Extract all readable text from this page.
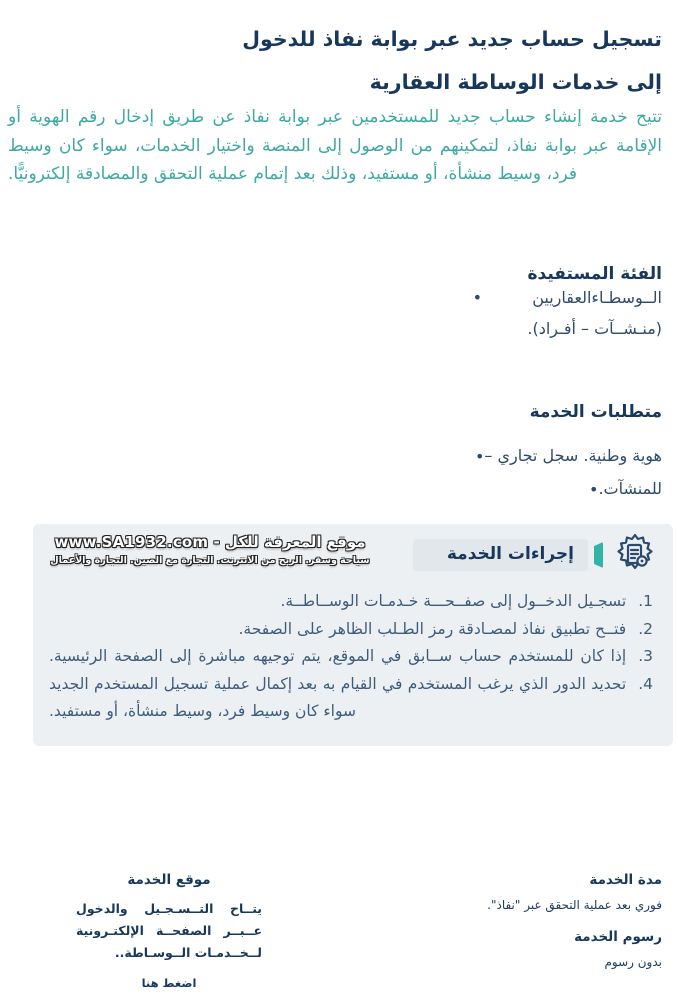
تسجيل حساب جديد عبر بوابة نفاذ للدخول إلى خدمات الوساطة العقارية

تتيح خدمة إنشاء حساب جديد للمستخدمين عبر بوابة نفاذ عن طريق إدخال رقم الهوية أو الإقامة عبر بوابة نفاذ، لتمكينهم من الوصول إلى المنصة واختيار الخدمات، سواء كان وسيط فرد، وسيط منشأة، أو مستفيد، وذلك بعد إتمام عملية التحقق والمصادقة إلكترونيًّا.

الفئة المستفيدة
الــوسطـاءالعقاريين (منـشــآت – أفـراد).
•
متطلبات الخدمة
هوية وطنية. سجل تجاري –
•
للمنشآت.
•
إجراءات الخدمة
موقع المعرفة للكل - www.SA1932.com
سياحة وسفر. الربح من الانترنت. التجارة مع الصين. التجارة والأعمال
1.تسجـيل الدخــول إلى صفــحـــة خـدمـات الوســاطــة.
2.فتــح تطبيق نفاذ لمصـادقة رمز الطـلب الظاهر على الصفحة.
3.إذا كان للمستخدم حساب ســابق في الموقع، يتم توجيهه مباشرة إلى الصفحة الرئيسية.
4.تحديد الدور الذي يرغب المستخدم في القيام به بعد إكمال عملية تسجيل المستخدم الجديد سواء كان وسيط فرد، وسيط منشأة، أو مستفيد.
مدة الخدمة

فوري بعد عملية التحقق عبر "نفاذ".

رسوم الخدمة

بدون رسوم

موقع الخدمة

يتــاح التــسـجـيل والدخول عــبــر الصفحــة الإلكتـرونية لــخــدمـات الــوسـاطة..

اضغط هنا
